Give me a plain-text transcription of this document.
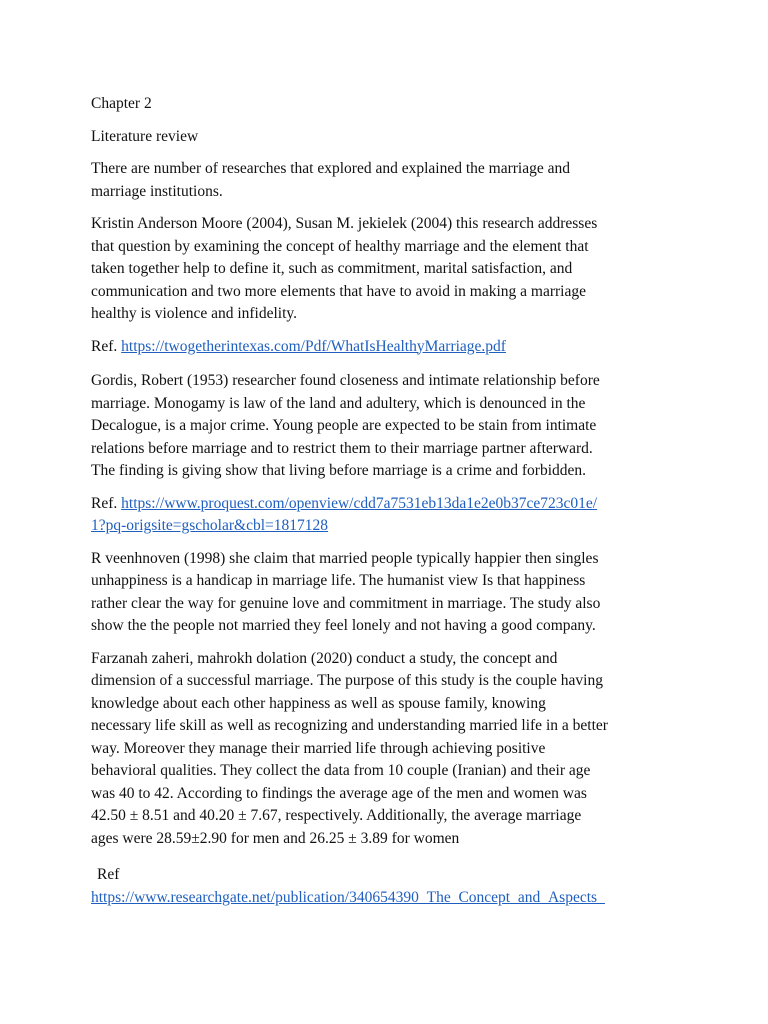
Chapter 2

Literature review

There are number of researches that explored and explained the marriage and
marriage institutions.

Kristin Anderson Moore (2004), Susan M. jekielek (2004) this research addresses
that question by examining the concept of healthy marriage and the element that
taken together help to define it, such as commitment, marital satisfaction, and
communication and two more elements that have to avoid in making a marriage
healthy is violence and infidelity.

Ref. https://twogetherintexas.com/Pdf/WhatIsHealthyMarriage.pdf

Gordis, Robert (1953) researcher found closeness and intimate relationship before
marriage. Monogamy is law of the land and adultery, which is denounced in the
Decalogue, is a major crime. Young people are expected to be stain from intimate
relations before marriage and to restrict them to their marriage partner afterward.
The finding is giving show that living before marriage is a crime and forbidden.

Ref. https://www.proquest.com/openview/cdd7a7531eb13da1e2e0b37ce723c01e/
1?pq-origsite=gscholar&cbl=1817128

R veenhnoven (1998) she claim that married people typically happier then singles
unhappiness is a handicap in marriage life. The humanist view Is that happiness
rather clear the way for genuine love and commitment in marriage. The study also
show the the people not married they feel lonely and not having a good company.

Farzanah zaheri, mahrokh dolation (2020) conduct a study, the concept and
dimension of a successful marriage. The purpose of this study is the couple having
knowledge about each other happiness as well as spouse family, knowing
necessary life skill as well as recognizing and understanding married life in a better
way. Moreover they manage their married life through achieving positive
behavioral qualities. They collect the data from 10 couple (Iranian) and their age
was 40 to 42. According to findings the average age of the men and women was
42.50 ± 8.51 and 40.20 ± 7.67, respectively. Additionally, the average marriage
ages were 28.59±2.90 for men and 26.25 ± 3.89 for women

Ref
https://www.researchgate.net/publication/340654390_The_Concept_and_Aspects_
